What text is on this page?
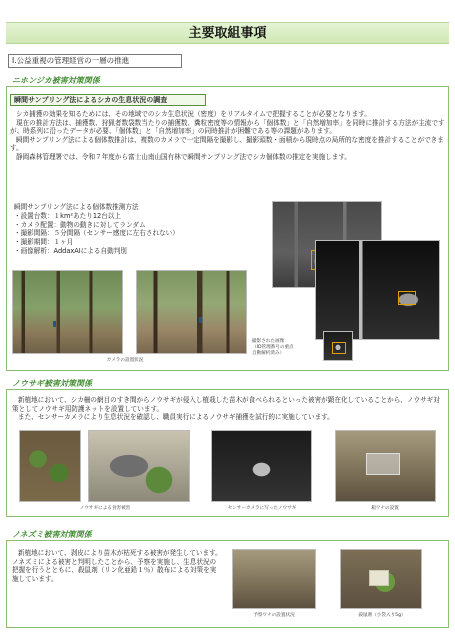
主要取組事項
Ⅰ.公益重視の管理経営の一層の推進
ニホンジカ被害対策関係
瞬間サンプリング法によるシカの生息状況の調査

シカ捕獲の効果を知るためには、その地域でのシカ生息状況（密度）をリアルタイムで把握することが必要となります。

現在の推計方法は、捕獲数、狩猟者数袋数当たりの捕獲数、糞粒密度等の情報から「個体数」と「自然増加率」を同時に推計する方法が主流ですが、時系列に沿ったデータが必要、「個体数」と「自然増加率」の同時推計が困難である等の課題があります。

瞬間サンプリング法による個体数推計は、複数のカメラで一定間隔を撮影し、撮影頭数・面積から現時点の局所的な密度を推計することができます。

静岡森林管理署では、令和７年度から富士山南山国有林で瞬間サンプリング法でシカ個体数の推定を実施します。

瞬間サンプリング法による個体数推測方法
・設置台数：１km²あたり12台以上
・カメラ配置：動物の動きに対してランダム
・撮影間隔：５分間隔（センサー感度に左右されない）
・撮影期間：１ヶ月
・画像解析：AddaxAIによる自動判別
カメラの設置状況
撮影された画像
（ID管理番号の重点
自動解析済み）
ノウサギ被害対策関係

新植地において、シカ柵の網目のすき間からノウサギが侵入し植栽した苗木が食べられるといった被害が顕在化していることから、ノウサギ対策としてノウサギ用防護ネットを設置しています。

また、センサーカメラにより生息状況を確認し、職員実行によるノウサギ捕獲を試行的に実施しています。

ノウサギによる食害被害	センサーカメラに写ったノウサギ	箱ワナの設置
ノネズミ被害対策関係
新植地において、剥皮により苗木が枯死する被害が発生しています。ノネズミによる被害と判明したことから、予察を実施し、生息状況の把握を行うとともに、殺鼠剤（リン化亜鉛１％）散布による対策を実施しています。
予察ワナの設置状況	殺鼠剤（小袋入り5g）
